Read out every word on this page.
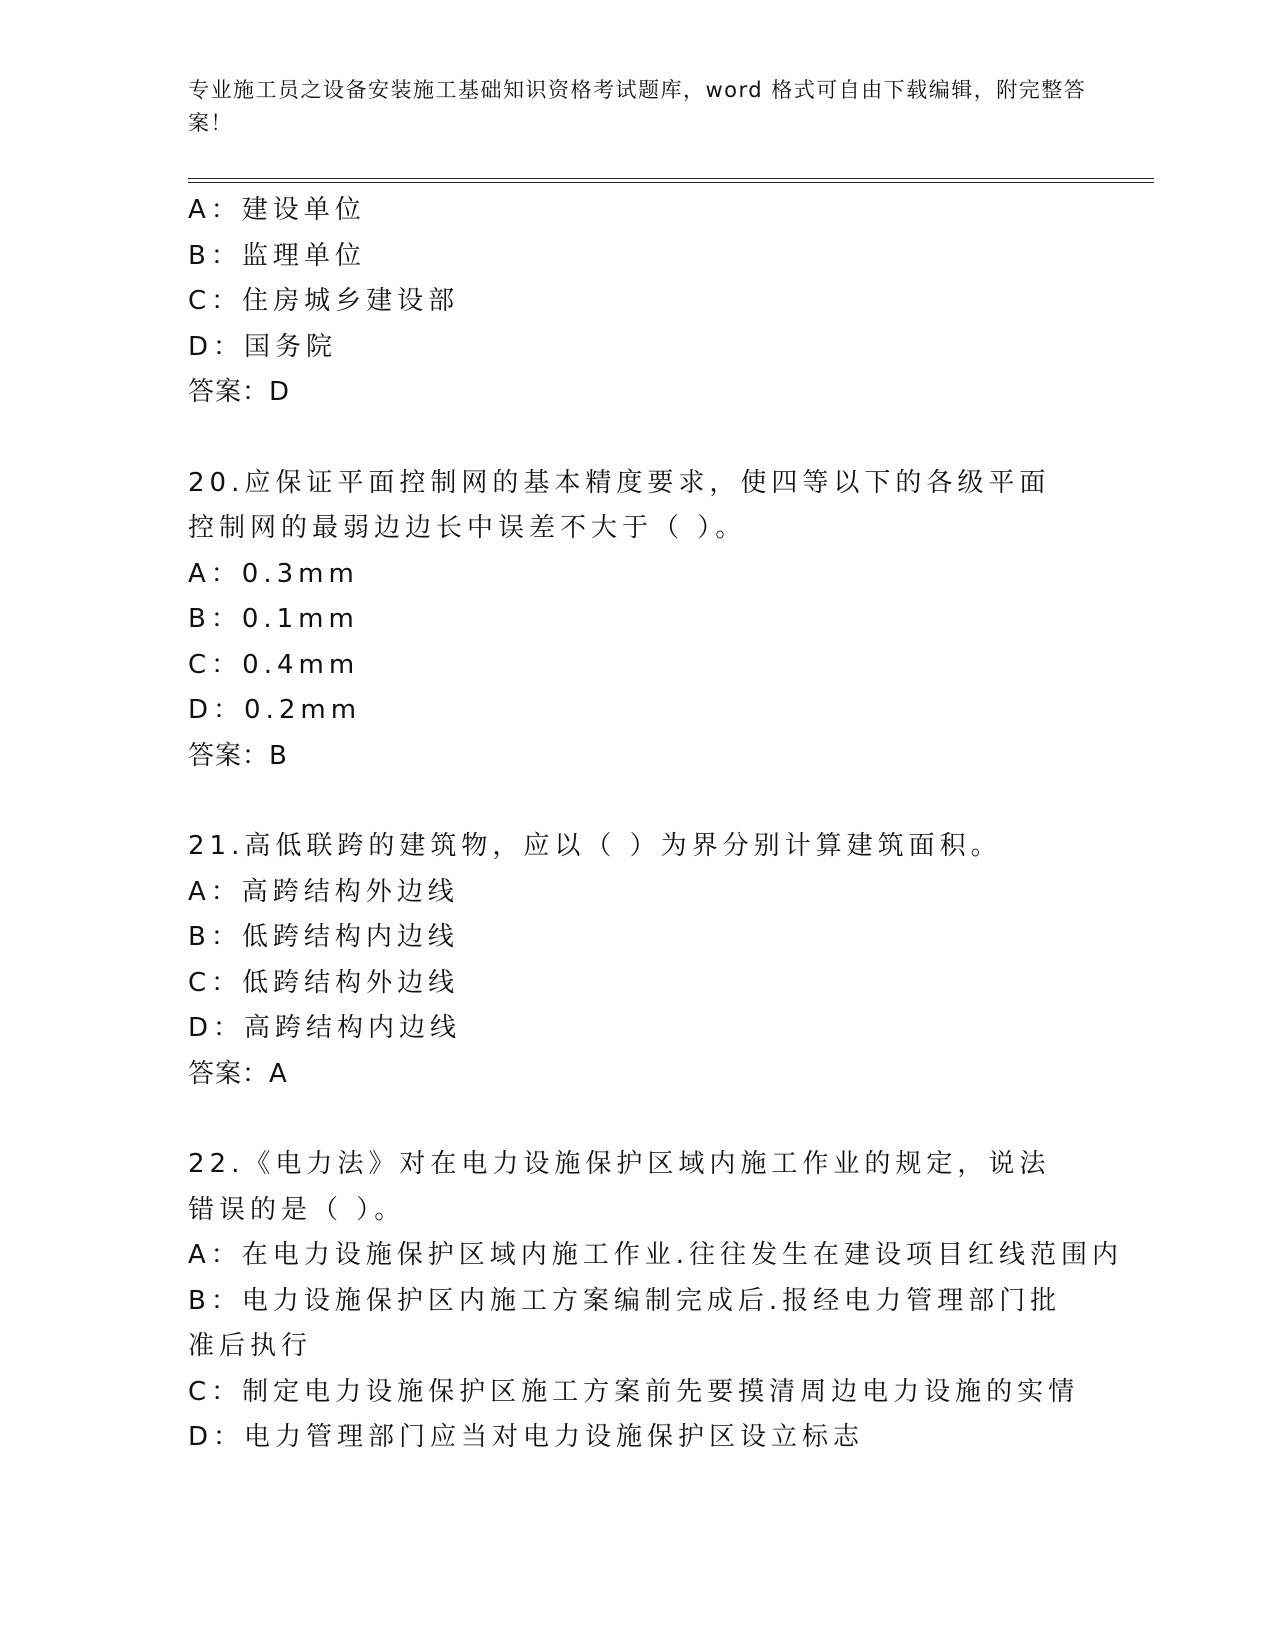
专业施工员之设备安装施工基础知识资格考试题库，word 格式可自由下载编辑，附完整答案！
A：建设单位
B：监理单位
C：住房城乡建设部
D：国务院
答案：D
20.应保证平面控制网的基本精度要求，使四等以下的各级平面控制网的最弱边边长中误差不大于（ ）。
A：0.3mm
B：0.1mm
C：0.4mm
D：0.2mm
答案：B
21.高低联跨的建筑物，应以（ ）为界分别计算建筑面积。
A：高跨结构外边线
B：低跨结构内边线
C：低跨结构外边线
D：高跨结构内边线
答案：A
22.《电力法》对在电力设施保护区域内施工作业的规定，说法错误的是（ ）。
A：在电力设施保护区域内施工作业.往往发生在建设项目红线范围内
B：电力设施保护区内施工方案编制完成后.报经电力管理部门批准后执行
C：制定电力设施保护区施工方案前先要摸清周边电力设施的实情
D：电力管理部门应当对电力设施保护区设立标志
